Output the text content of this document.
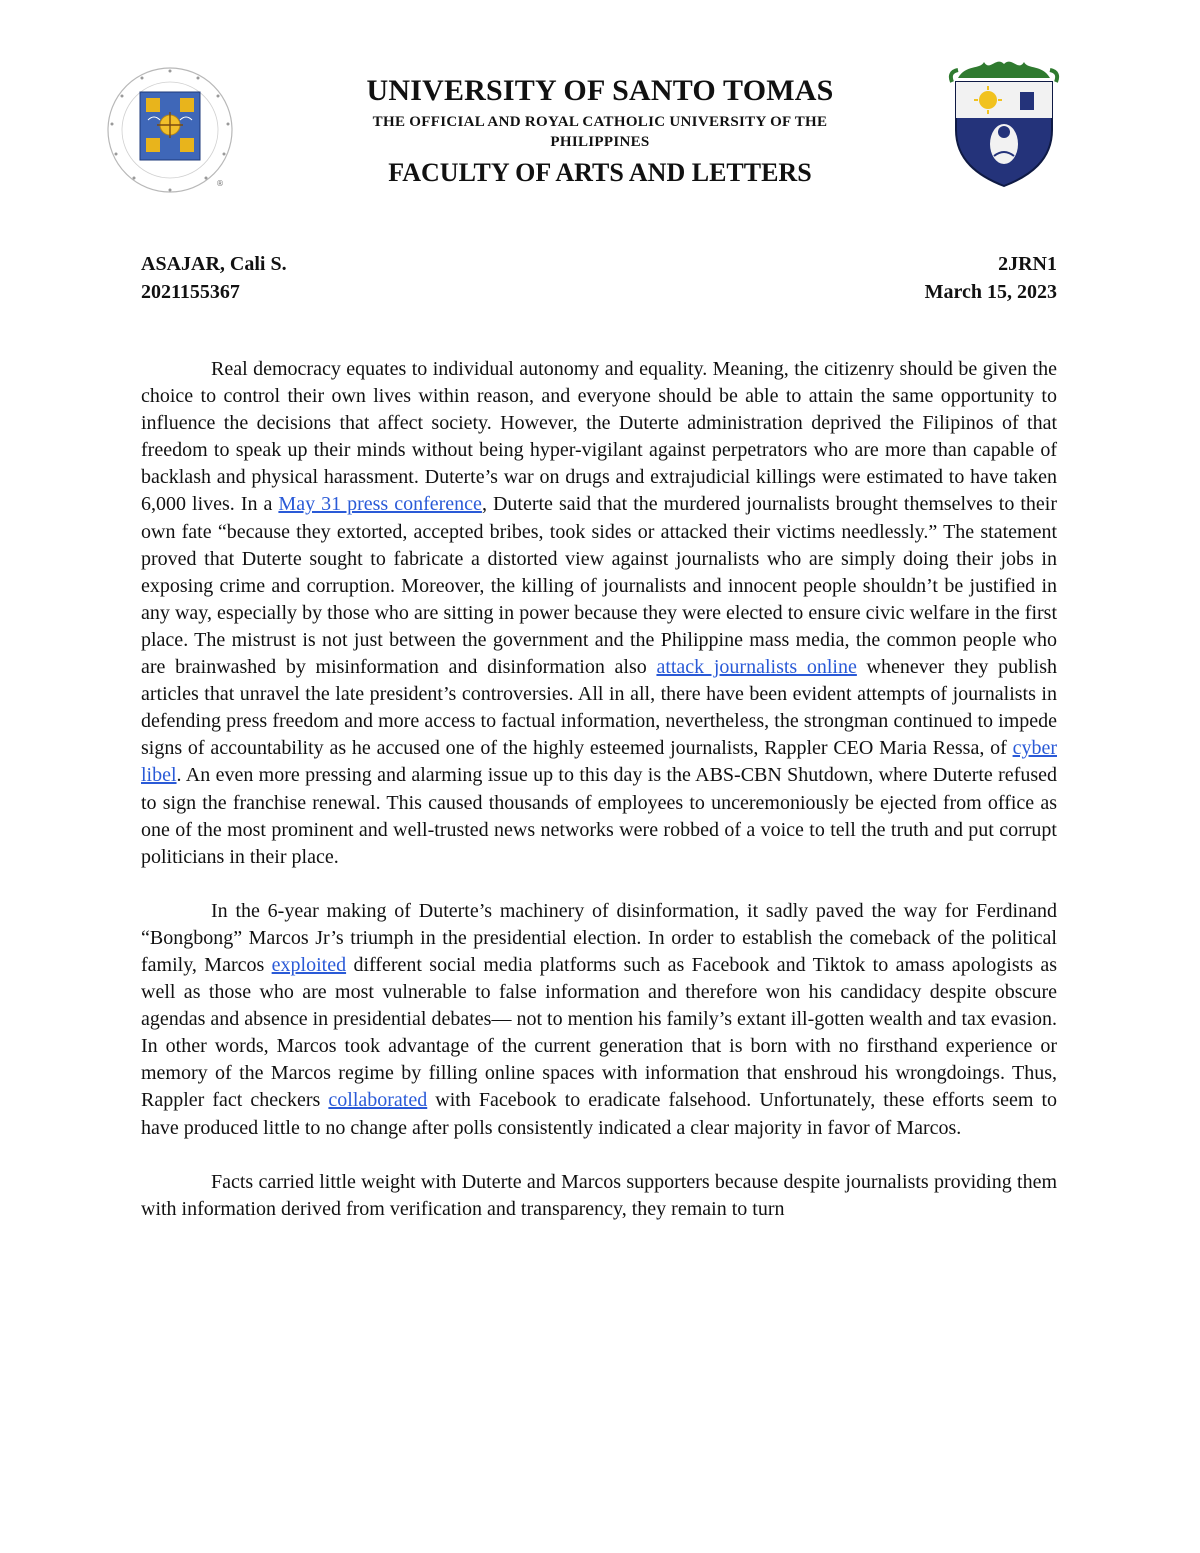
®
UNIVERSITY OF SANTO TOMAS
THE OFFICIAL AND ROYAL CATHOLIC UNIVERSITY OF THE PHILIPPINES
FACULTY OF ARTS AND LETTERS
ASAJAR, Cali S.	2JRN1
2021155367	March 15, 2023

Real democracy equates to individual autonomy and equality. Meaning, the citizenry should be given the choice to control their own lives within reason, and everyone should be able to attain the same opportunity to influence the decisions that affect society. However, the Duterte administration deprived the Filipinos of that freedom to speak up their minds without being hyper-vigilant against perpetrators who are more than capable of backlash and physical harassment. Duterte’s war on drugs and extrajudicial killings were estimated to have taken 6,000 lives. In a May 31 press conference, Duterte said that the murdered journalists brought themselves to their own fate “because they extorted, accepted bribes, took sides or attacked their victims needlessly.” The statement proved that Duterte sought to fabricate a distorted view against journalists who are simply doing their jobs in exposing crime and corruption. Moreover, the killing of journalists and innocent people shouldn’t be justified in any way, especially by those who are sitting in power because they were elected to ensure civic welfare in the first place. The mistrust is not just between the government and the Philippine mass media, the common people who are brainwashed by misinformation and disinformation also attack journalists online whenever they publish articles that unravel the late president’s controversies. All in all, there have been evident attempts of journalists in defending press freedom and more access to factual information, nevertheless, the strongman continued to impede signs of accountability as he accused one of the highly esteemed journalists, Rappler CEO Maria Ressa, of cyber libel. An even more pressing and alarming issue up to this day is the ABS-CBN Shutdown, where Duterte refused to sign the franchise renewal. This caused thousands of employees to unceremoniously be ejected from office as one of the most prominent and well-trusted news networks were robbed of a voice to tell the truth and put corrupt politicians in their place.

In the 6-year making of Duterte’s machinery of disinformation, it sadly paved the way for Ferdinand “Bongbong” Marcos Jr’s triumph in the presidential election. In order to establish the comeback of the political family, Marcos exploited different social media platforms such as Facebook and Tiktok to amass apologists as well as those who are most vulnerable to false information and therefore won his candidacy despite obscure agendas and absence in presidential debates— not to mention his family’s extant ill-gotten wealth and tax evasion. In other words, Marcos took advantage of the current generation that is born with no firsthand experience or memory of the Marcos regime by filling online spaces with information that enshroud his wrongdoings. Thus, Rappler fact checkers collaborated with Facebook to eradicate falsehood. Unfortunately, these efforts seem to have produced little to no change after polls consistently indicated a clear majority in favor of Marcos.

Facts carried little weight with Duterte and Marcos supporters because despite journalists providing them with information derived from verification and transparency, they remain to turn
